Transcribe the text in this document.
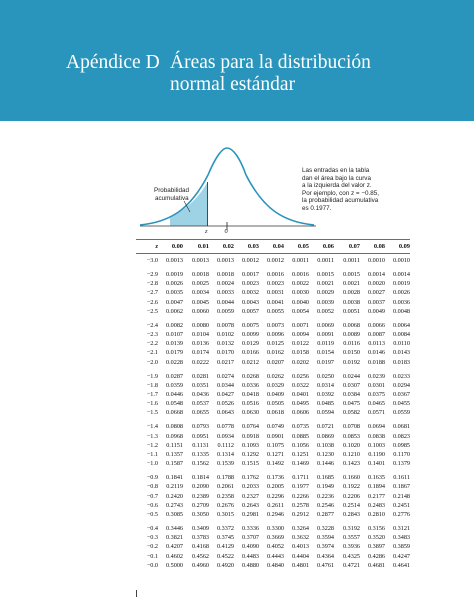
Apéndice D Áreas para la distribución
normal estándar
Probabilidad
acumulativa
z	0
Las entradas en la tabla
dan el área bajo la curva
a la izquierda del valor z.
Por ejemplo, con z = −0.85,
la probabilidad acumulativa
es 0.1977.
z	0.00	0.01	0.02	0.03	0.04	0.05	0.06	0.07	0.08	0.09
−3.0	0.0013	0.0013	0.0013	0.0012	0.0012	0.0011	0.0011	0.0011	0.0010	0.0010
−2.9	0.0019	0.0018	0.0018	0.0017	0.0016	0.0016	0.0015	0.0015	0.0014	0.0014
−2.8	0.0026	0.0025	0.0024	0.0023	0.0023	0.0022	0.0021	0.0021	0.0020	0.0019
−2.7	0.0035	0.0034	0.0033	0.0032	0.0031	0.0030	0.0029	0.0028	0.0027	0.0026
−2.6	0.0047	0.0045	0.0044	0.0043	0.0041	0.0040	0.0039	0.0038	0.0037	0.0036
−2.5	0.0062	0.0060	0.0059	0.0057	0.0055	0.0054	0.0052	0.0051	0.0049	0.0048
−2.4	0.0082	0.0080	0.0078	0.0075	0.0073	0.0071	0.0069	0.0068	0.0066	0.0064
−2.3	0.0107	0.0104	0.0102	0.0099	0.0096	0.0094	0.0091	0.0089	0.0087	0.0084
−2.2	0.0139	0.0136	0.0132	0.0129	0.0125	0.0122	0.0119	0.0116	0.0113	0.0110
−2.1	0.0179	0.0174	0.0170	0.0166	0.0162	0.0158	0.0154	0.0150	0.0146	0.0143
−2.0	0.0228	0.0222	0.0217	0.0212	0.0207	0.0202	0.0197	0.0192	0.0188	0.0183
−1.9	0.0287	0.0281	0.0274	0.0268	0.0262	0.0256	0.0250	0.0244	0.0239	0.0233
−1.8	0.0359	0.0351	0.0344	0.0336	0.0329	0.0322	0.0314	0.0307	0.0301	0.0294
−1.7	0.0446	0.0436	0.0427	0.0418	0.0409	0.0401	0.0392	0.0384	0.0375	0.0367
−1.6	0.0548	0.0537	0.0526	0.0516	0.0505	0.0495	0.0485	0.0475	0.0465	0.0455
−1.5	0.0668	0.0655	0.0643	0.0630	0.0618	0.0606	0.0594	0.0582	0.0571	0.0559
−1.4	0.0808	0.0793	0.0778	0.0764	0.0749	0.0735	0.0721	0.0708	0.0694	0.0681
−1.3	0.0968	0.0951	0.0934	0.0918	0.0901	0.0885	0.0869	0.0853	0.0838	0.0823
−1.2	0.1151	0.1131	0.1112	0.1093	0.1075	0.1056	0.1038	0.1020	0.1003	0.0985
−1.1	0.1357	0.1335	0.1314	0.1292	0.1271	0.1251	0.1230	0.1210	0.1190	0.1170
−1.0	0.1587	0.1562	0.1539	0.1515	0.1492	0.1469	0.1446	0.1423	0.1401	0.1379
−0.9	0.1841	0.1814	0.1788	0.1762	0.1736	0.1711	0.1685	0.1660	0.1635	0.1611
−0.8	0.2119	0.2090	0.2061	0.2033	0.2005	0.1977	0.1949	0.1922	0.1894	0.1867
−0.7	0.2420	0.2389	0.2358	0.2327	0.2296	0.2266	0.2236	0.2206	0.2177	0.2148
−0.6	0.2743	0.2709	0.2676	0.2643	0.2611	0.2578	0.2546	0.2514	0.2483	0.2451
−0.5	0.3085	0.3050	0.3015	0.2981	0.2946	0.2912	0.2877	0.2843	0.2810	0.2776
−0.4	0.3446	0.3409	0.3372	0.3336	0.3300	0.3264	0.3228	0.3192	0.3156	0.3121
−0.3	0.3821	0.3783	0.3745	0.3707	0.3669	0.3632	0.3594	0.3557	0.3520	0.3483
−0.2	0.4207	0.4168	0.4129	0.4090	0.4052	0.4013	0.3974	0.3936	0.3897	0.3859
−0.1	0.4602	0.4562	0.4522	0.4483	0.4443	0.4404	0.4364	0.4325	0.4286	0.4247
−0.0	0.5000	0.4960	0.4920	0.4880	0.4840	0.4801	0.4761	0.4721	0.4681	0.4641
